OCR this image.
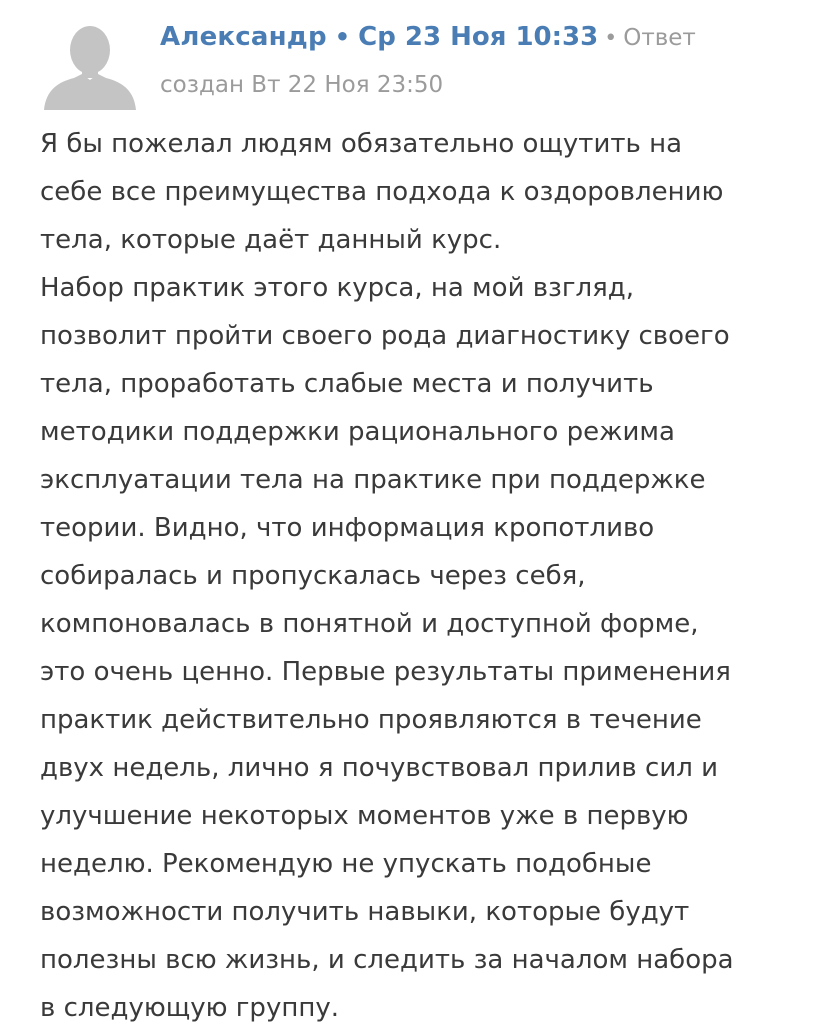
Александр • Ср 23 Ноя 10:33 • Ответ
создан Вт 22 Ноя 23:50
Я бы пожелал людям обязательно ощутить на
себе все преимущества подхода к оздоровлению
тела, которые даёт данный курс.
Набор практик этого курса, на мой взгляд,
позволит пройти своего рода диагностику своего
тела, проработать слабые места и получить
методики поддержки рационального режима
эксплуатации тела на практике при поддержке
теории. Видно, что информация кропотливо
собиралась и пропускалась через себя,
компоновалась в понятной и доступной форме,
это очень ценно. Первые результаты применения
практик действительно проявляются в течение
двух недель, лично я почувствовал прилив сил и
улучшение некоторых моментов уже в первую
неделю. Рекомендую не упускать подобные
возможности получить навыки, которые будут
полезны всю жизнь, и следить за началом набора
в следующую группу.
